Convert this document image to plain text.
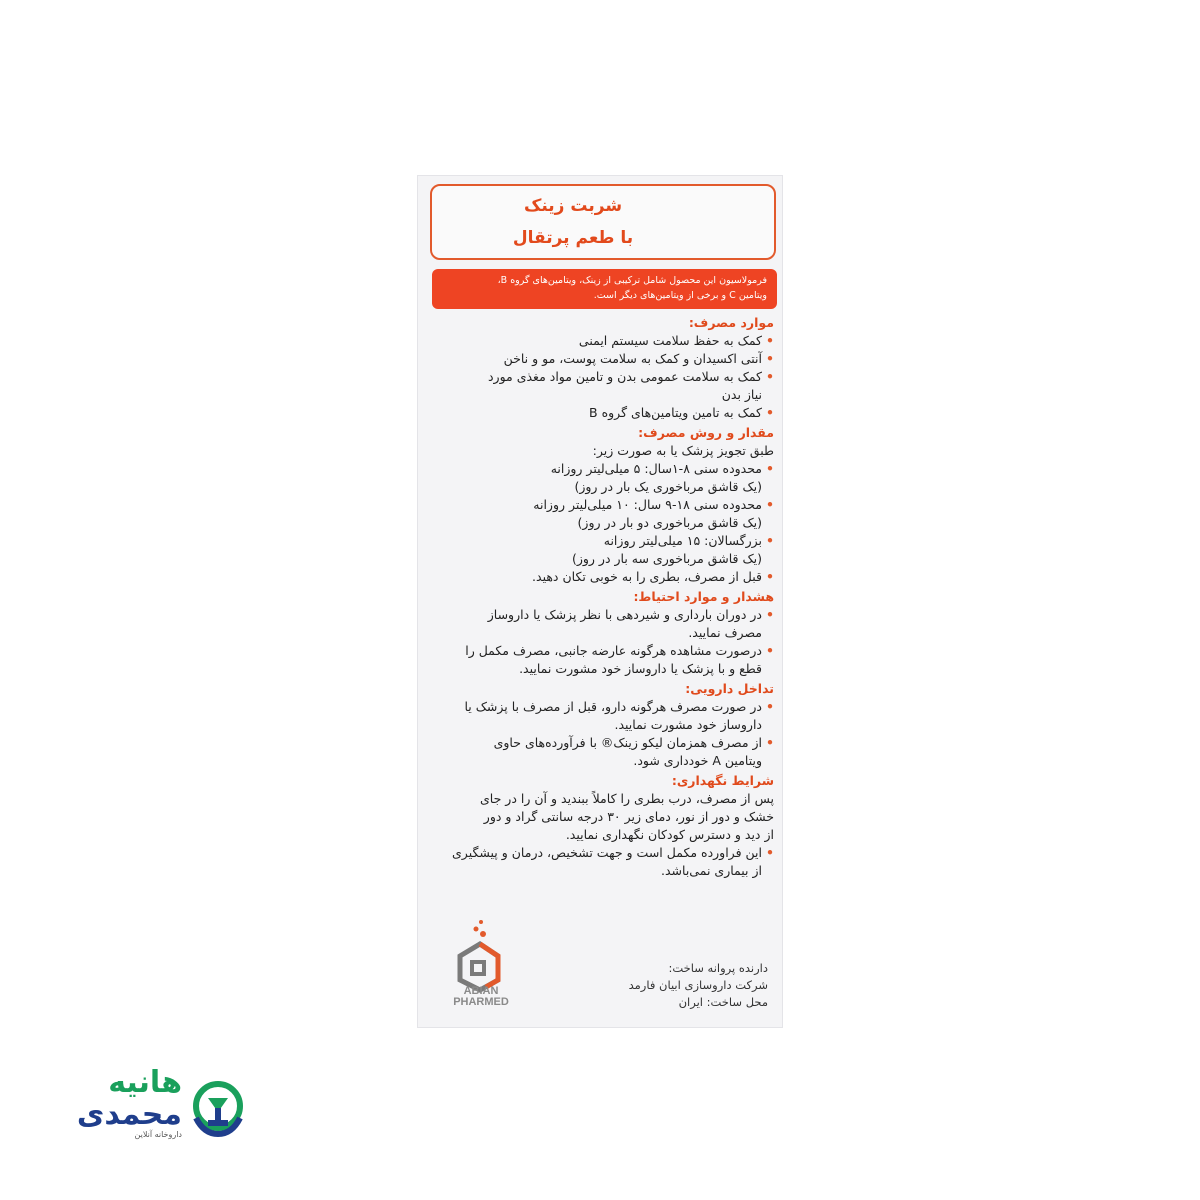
شربت زینک
با طعم پرتقال
فرمولاسیون این محصول شامل ترکیبی از زینک، ویتامین‌های گروه B،
ویتامین C و برخی از ویتامین‌های دیگر است.
موارد مصرف:
• کمک به حفظ سلامت سیستم ایمنی
• آنتی اکسیدان و کمک به سلامت پوست، مو و ناخن
• کمک به سلامت عمومی بدن و تامین مواد مغذی مورد
نیاز بدن
• کمک به تامین ویتامین‌های گروه B
مقدار و روش مصرف:
طبق تجویز پزشک یا به صورت زیر:
• محدوده سنی ۸-۱سال: ۵ میلی‌لیتر روزانه
(یک قاشق مرباخوری یک بار در روز)
• محدوده سنی ۱۸-۹ سال: ۱۰ میلی‌لیتر روزانه
(یک قاشق مرباخوری دو بار در روز)
• بزرگسالان: ۱۵ میلی‌لیتر روزانه
(یک قاشق مرباخوری سه بار در روز)
• قبل از مصرف، بطری را به خوبی تکان دهید.
هشدار و موارد احتیاط:
• در دوران بارداری و شیردهی با نظر پزشک یا داروساز
مصرف نمایید.
• درصورت مشاهده هرگونه عارضه جانبی، مصرف مکمل را
قطع و با پزشک یا داروساز خود مشورت نمایید.
تداخل دارویی:
• در صورت مصرف هرگونه دارو، قبل از مصرف با پزشک یا
داروساز خود مشورت نمایید.
• از مصرف همزمان لیکو زینک® با فرآورده‌های حاوی
ویتامین A خودداری شود.
شرایط نگهداری:
پس از مصرف، درب بطری را کاملاً ببندید و آن را در جای
خشک و دور از نور، دمای زیر ۳۰ درجه سانتی گراد و دور
از دید و دسترس کودکان نگهداری نمایید.
• این فراورده مکمل است و جهت تشخیص، درمان و پیشگیری
از بیماری نمی‌باشد.
ABIAN
PHARMED
دارنده پروانه ساخت:
شرکت داروسازی ابیان فارمد
محل ساخت: ایران
هانیه
محمدی
داروخانه آنلاین
